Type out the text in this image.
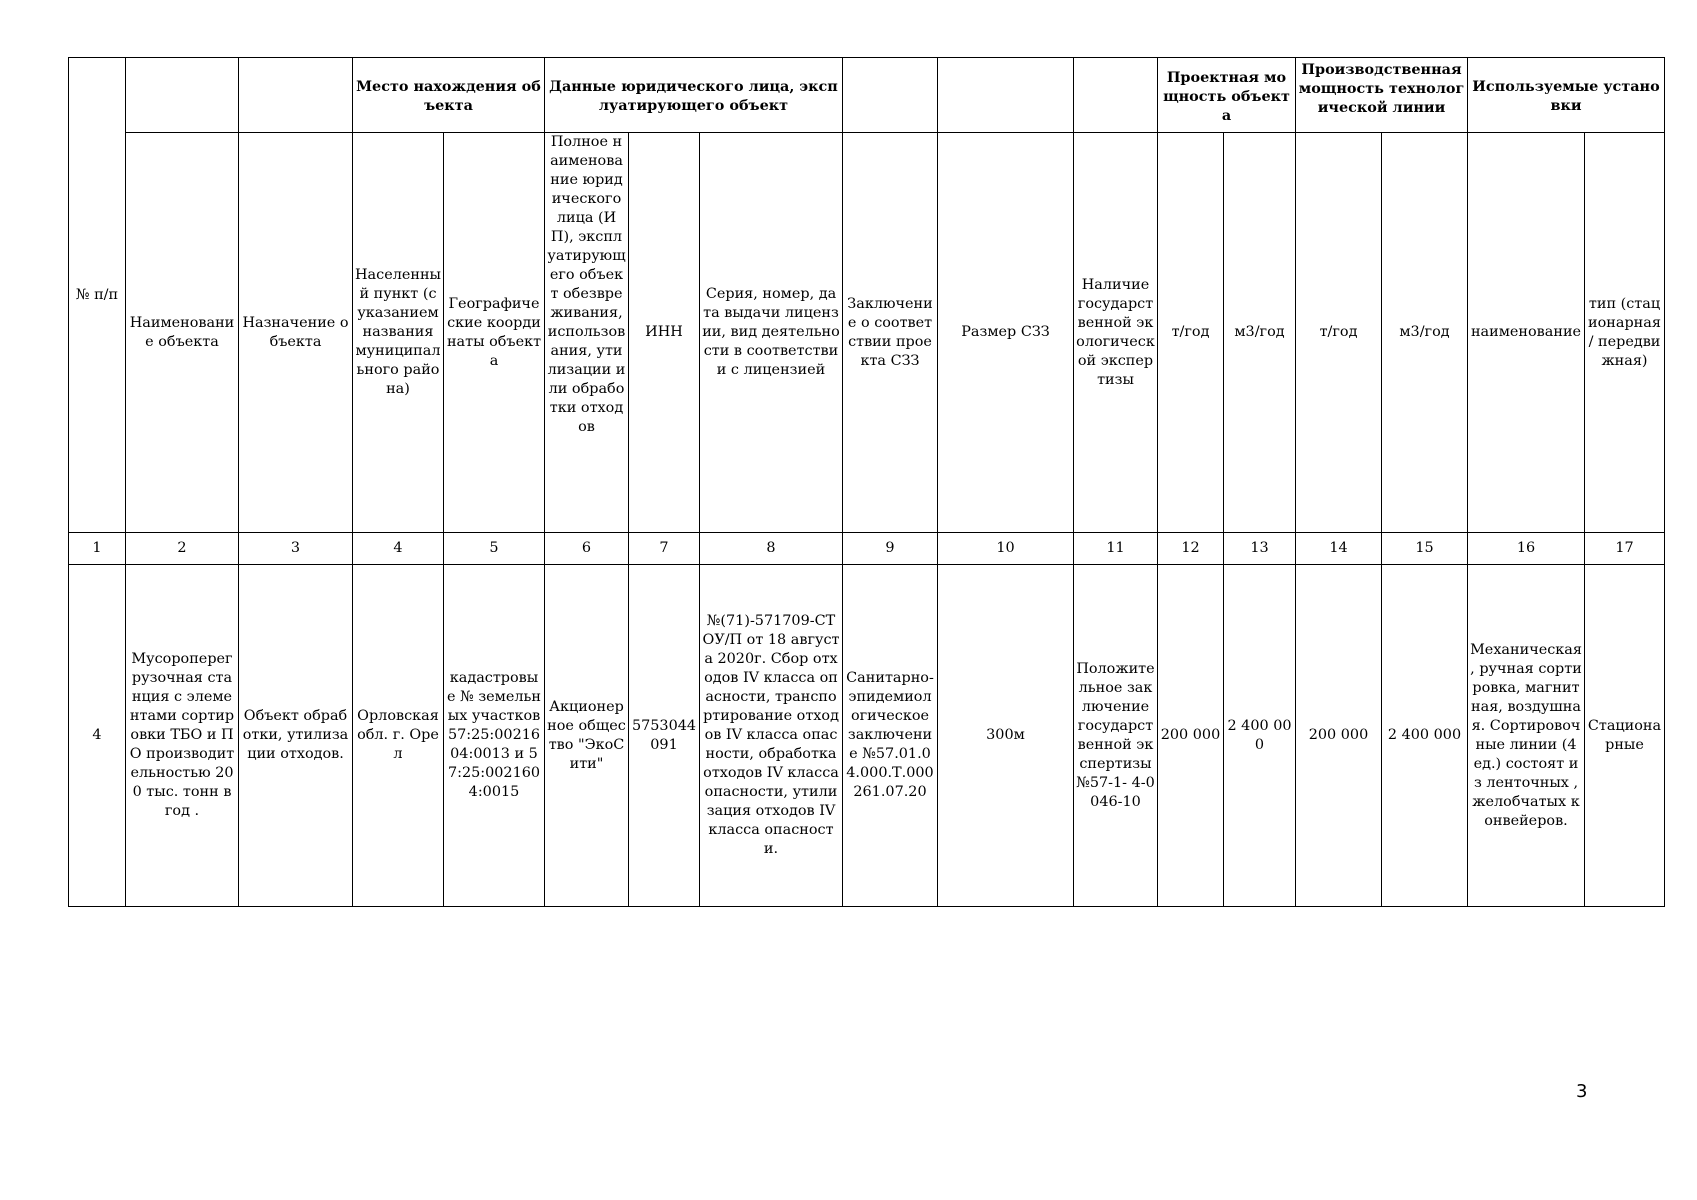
№ п/п			Место нахождения объекта		Данные юридического лица, эксплуатирующего объект						Проектная мощность объекта		Производственная мощность технологической линии		Используемые установки	
	Наименование объекта	Назначение объекта	Населенный пункт (с указанием названия муниципального района)	Географические координаты объекта	Полное наименование юридического лица (ИП), эксплуатирующего объект обезвреживания, использования, утилизации или обработки отходов	ИНН	Серия, номер, дата выдачи лицензии, вид деятельности в соответствии с лицензией	Заключение о соответствии проекта СЗЗ	Размер СЗЗ	Наличие государственной экологической экспертизы	т/год	м3/год	т/год	м3/год	наименование	тип (стационарная / передвижная)
1	2	3	4	5	6	7	8	9	10	11	12	13	14	15	16	17
4	Мусороперегрузочная станция с элементами сортировки ТБО и ПО производительностью 200 тыс. тонн в год .	Объект обработки, утилизации отходов.	Орловская обл. г. Орел	кадастровые № земельных участков 57:25:0021604:0013 и 57:25:0021604:0015	Акционерное общество "ЭкоСити"	5753044091	№(71)-571709-СТОУ/П от 18 августа 2020г. Сбор отходов IV класса опасности, транспортирование отходов IV класса опасности, обработка отходов IV класса опасности, утилизация отходов IV класса опасности.	Санитарно-эпидемиологическое заключение №57.01.04.000.Т.000261.07.20	300м	Положительное заключение государственной экспертизы№57-1- 4-0046-10	200 000	2 400 000	200 000	2 400 000	Механическая , ручная сортировка, магнитная, воздушная. Сортировочные линии (4 ед.) состоят из ленточных , желобчатых конвейеров.	Стационарные
3
